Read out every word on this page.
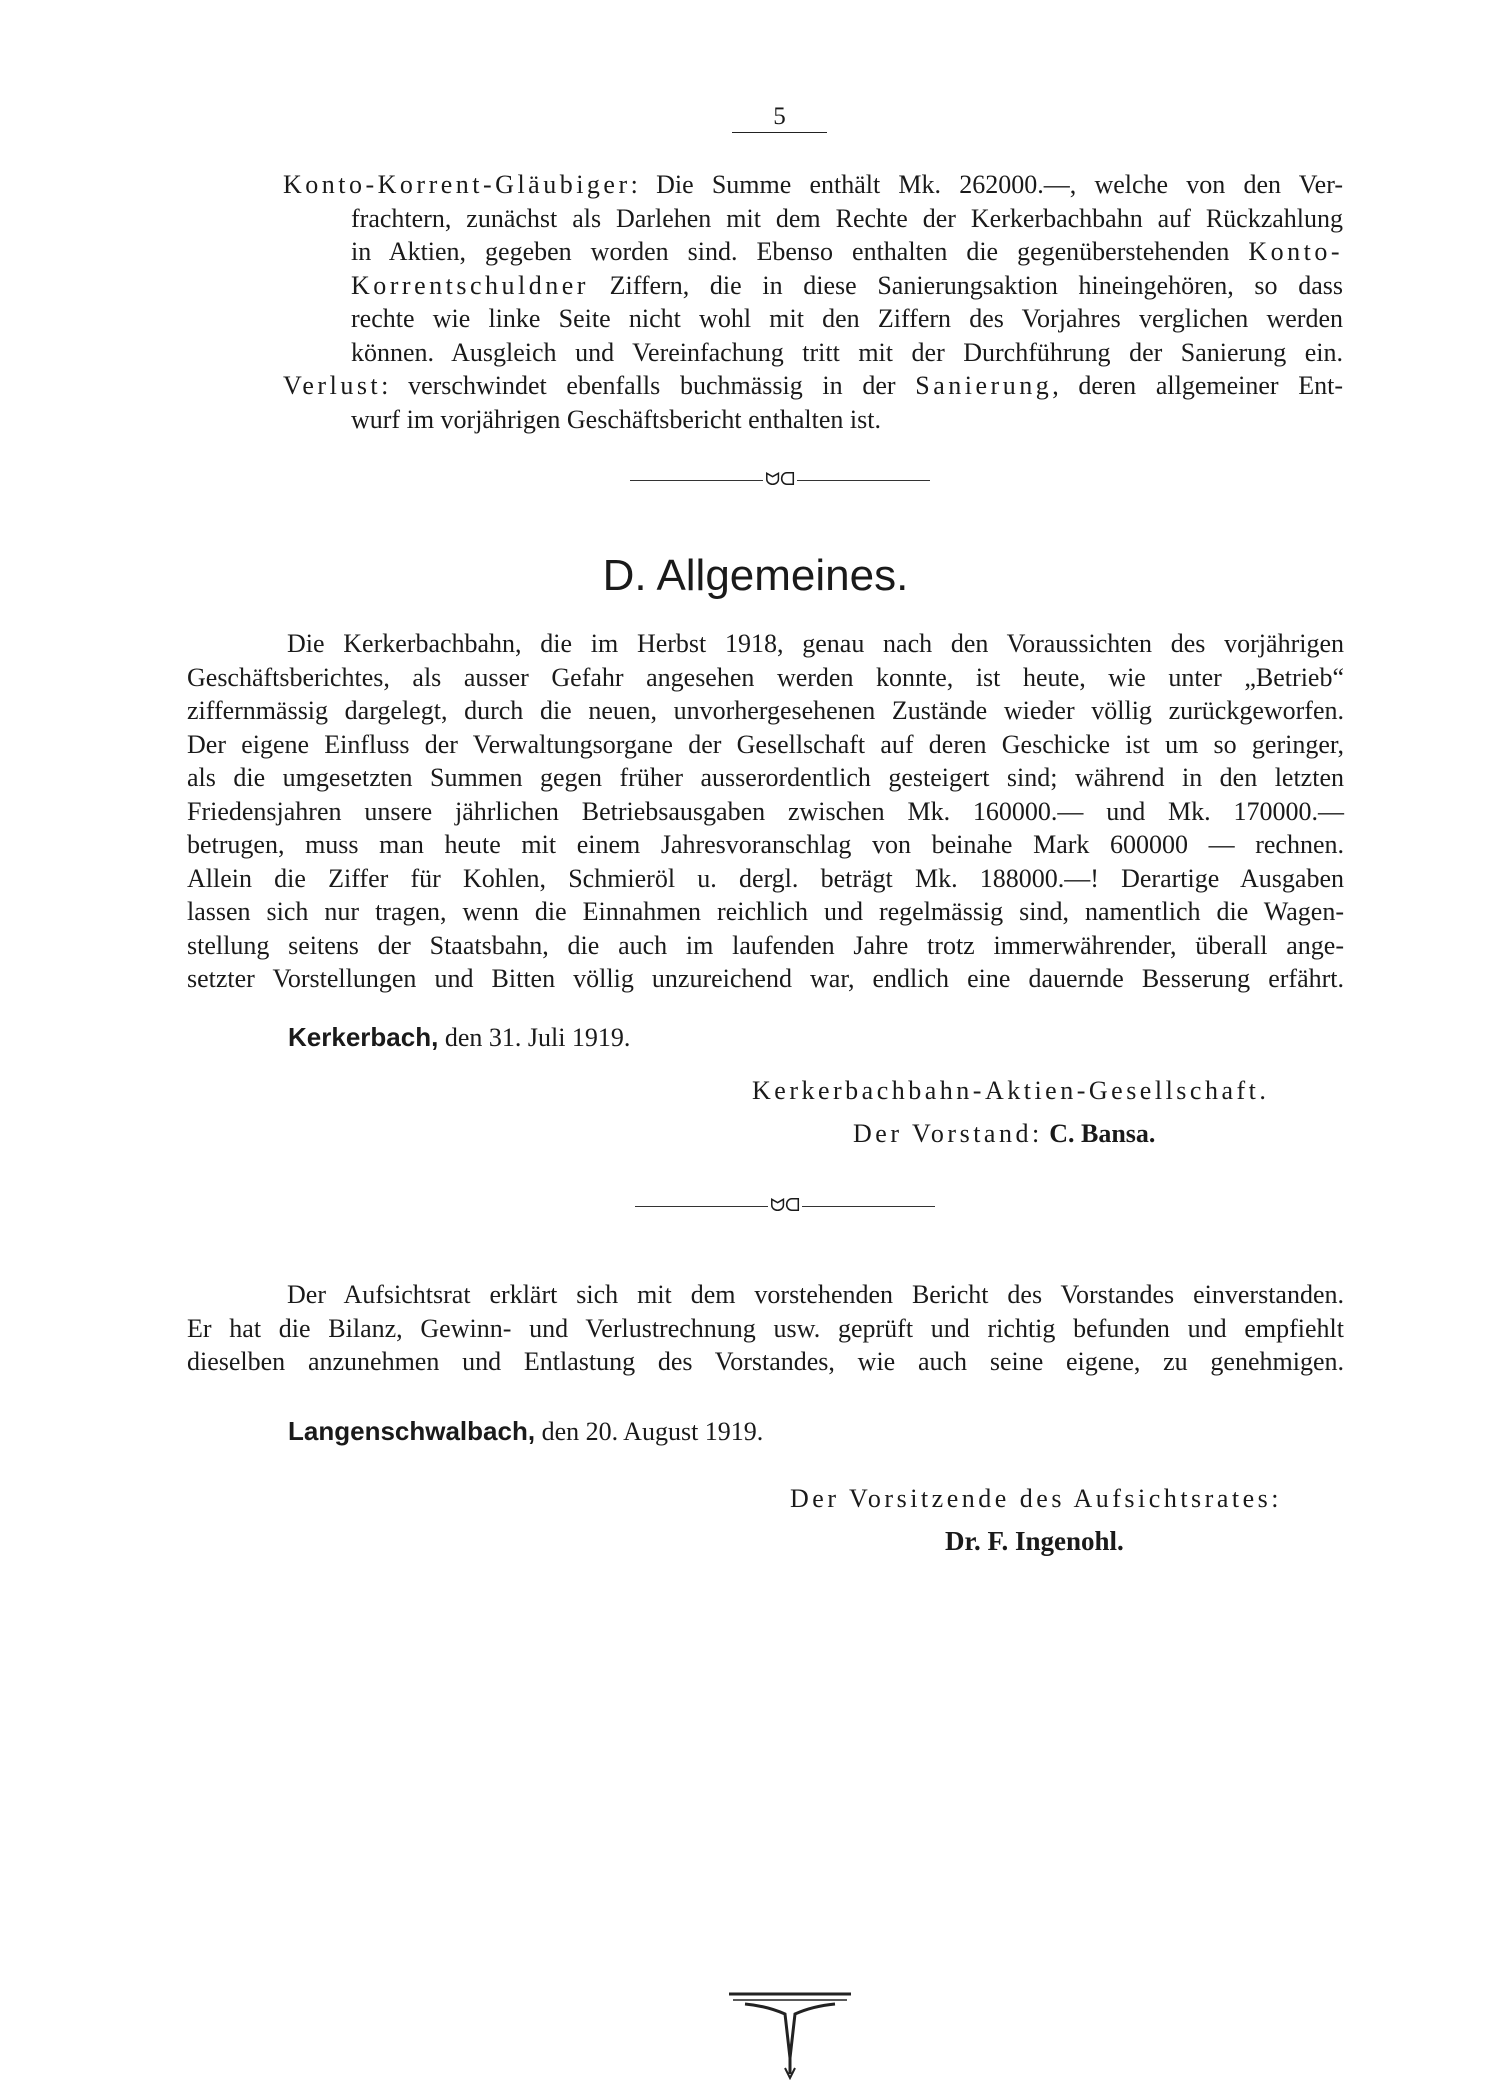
5
Konto-Korrent-Gläubiger: Die Summe enthält Mk. 262000.—, welche von den Ver-
frachtern, zunächst als Darlehen mit dem Rechte der Kerkerbachbahn auf Rückzahlung
in Aktien, gegeben worden sind. Ebenso enthalten die gegenüberstehenden Konto-
Korrentschuldner Ziffern, die in diese Sanierungsaktion hineingehören, so dass
rechte wie linke Seite nicht wohl mit den Ziffern des Vorjahres verglichen werden
können. Ausgleich und Vereinfachung tritt mit der Durchführung der Sanierung ein.
Verlust: verschwindet ebenfalls buchmässig in der Sanierung, deren allgemeiner Ent-
wurf im vorjährigen Geschäftsbericht enthalten ist.
ᗢᗡ
D. Allgemeines.
Die Kerkerbachbahn, die im Herbst 1918, genau nach den Voraussichten des vorjährigen
Geschäftsberichtes, als ausser Gefahr angesehen werden konnte, ist heute, wie unter „Betrieb“
ziffernmässig dargelegt, durch die neuen, unvorhergesehenen Zustände wieder völlig zurückgeworfen.
Der eigene Einfluss der Verwaltungsorgane der Gesellschaft auf deren Geschicke ist um so geringer,
als die umgesetzten Summen gegen früher ausserordentlich gesteigert sind; während in den letzten
Friedensjahren unsere jährlichen Betriebsausgaben zwischen Mk. 160000.— und Mk. 170000.—
betrugen, muss man heute mit einem Jahresvoranschlag von beinahe Mark 600000 — rechnen.
Allein die Ziffer für Kohlen, Schmieröl u. dergl. beträgt Mk. 188000.—! Derartige Ausgaben
lassen sich nur tragen, wenn die Einnahmen reichlich und regelmässig sind, namentlich die Wagen-
stellung seitens der Staatsbahn, die auch im laufenden Jahre trotz immerwährender, überall ange-
setzter Vorstellungen und Bitten völlig unzureichend war, endlich eine dauernde Besserung erfährt.
Kerkerbach, den 31. Juli 1919.
Kerkerbachbahn-Aktien-Gesellschaft.
Der Vorstand: C. Bansa.
ᗢᗡ
Der Aufsichtsrat erklärt sich mit dem vorstehenden Bericht des Vorstandes einverstanden.
Er hat die Bilanz, Gewinn- und Verlustrechnung usw. geprüft und richtig befunden und empfiehlt
dieselben anzunehmen und Entlastung des Vorstandes, wie auch seine eigene, zu genehmigen.
Langenschwalbach, den 20. August 1919.
Der Vorsitzende des Aufsichtsrates:
Dr. F. Ingenohl.
